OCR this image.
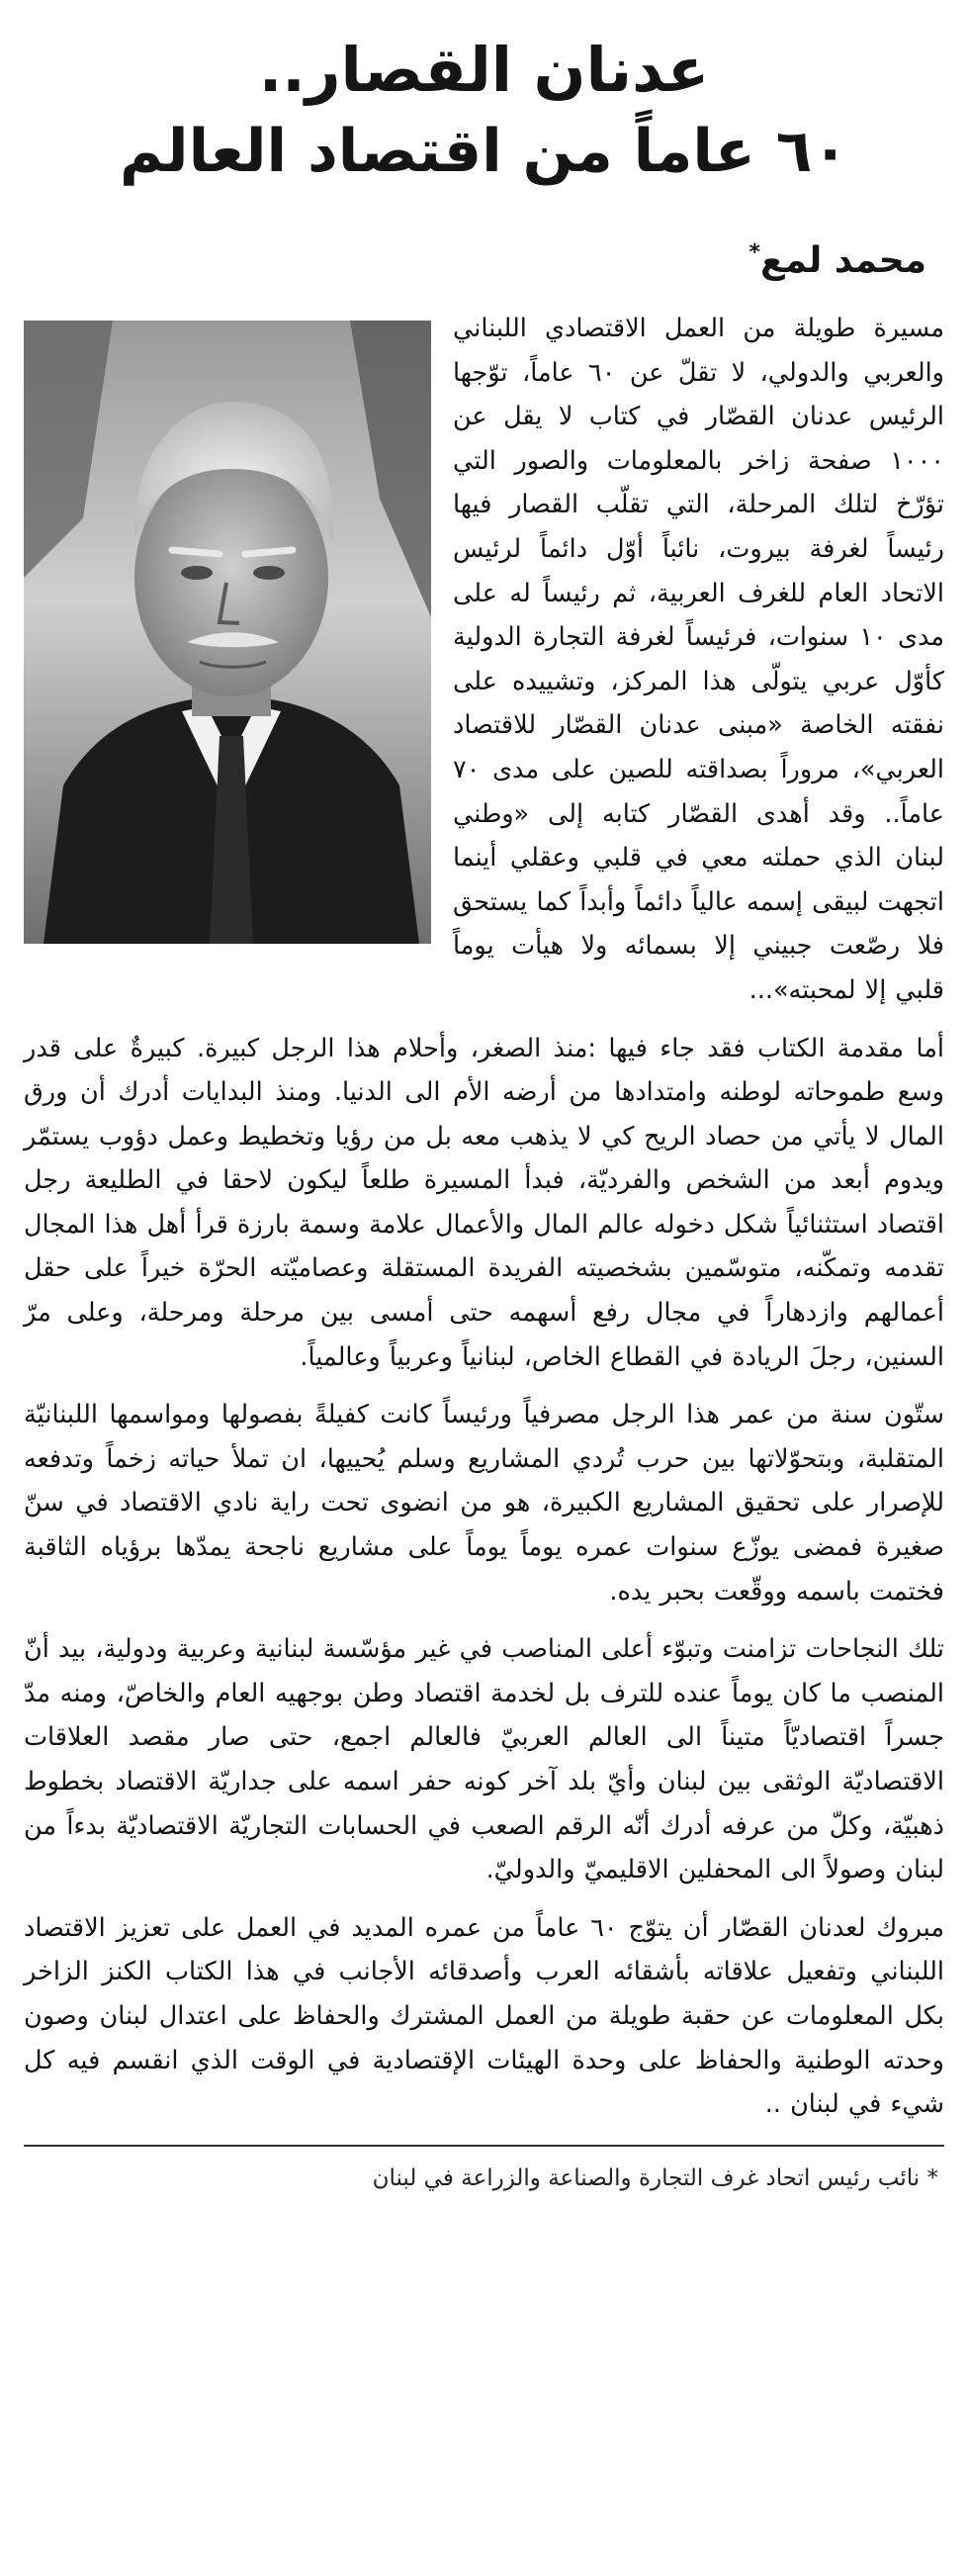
عدنان القصار..
٦٠ عاماً من اقتصاد العالم
محمد لمع*

مسيرة طويلة من العمل الاقتصادي اللبناني والعربي والدولي، لا تقلّ عن ٦٠ عاماً، توّجها الرئيس عدنان القصّار في كتاب لا يقل عن ١٠٠٠ صفحة زاخر بالمعلومات والصور التي تؤرّخ لتلك المرحلة، التي تقلّب القصار فيها رئيساً لغرفة بيروت، نائباً أوّل دائماً لرئيس الاتحاد العام للغرف العربية، ثم رئيساً له على مدى ١٠ سنوات، فرئيساً لغرفة التجارة الدولية كأوّل عربي يتولّى هذا المركز، وتشييده على نفقته الخاصة «مبنى عدنان القصّار للاقتصاد العربي»، مروراً بصداقته للصين على مدى ٧٠ عاماً.. وقد أهدى القصّار كتابه إلى «وطني لبنان الذي حملته معي في قلبي وعقلي أينما اتجهت لبيقى إسمه عالياً دائماً وأبداً كما يستحق فلا رصّعت جبيني إلا بسمائه ولا هيأت يوماً قلبي إلا لمحبته»...

أما مقدمة الكتاب فقد جاء فيها :منذ الصغر، وأحلام هذا الرجل كبيرة. كبيرةٌ على قدر وسع طموحاته لوطنه وامتدادها من أرضه الأم الى الدنيا. ومنذ البدايات أدرك أن ورق المال لا يأتي من حصاد الريح كي لا يذهب معه بل من رؤيا وتخطيط وعمل دؤوب يستمّر ويدوم أبعد من الشخص والفرديّة، فبدأ المسيرة طلعاً ليكون لاحقا في الطليعة رجل اقتصاد استثنائياً شكل دخوله عالم المال والأعمال علامة وسمة بارزة قرأ أهل هذا المجال تقدمه وتمكّنه، متوسّمين بشخصيته الفريدة المستقلة وعصاميّته الحرّة خيراً على حقل أعمالهم وازدهاراً في مجال رفع أسهمه حتى أمسى بين مرحلة ومرحلة، وعلى مرّ السنين، رجلَ الريادة في القطاع الخاص، لبنانياً وعربياً وعالمياً.

ستّون سنة من عمر هذا الرجل مصرفياً ورئيساً كانت كفيلةً بفصولها ومواسمها اللبنانيّة المتقلبة، وبتحوّلاتها بين حرب تُردي المشاريع وسلم يُحييها، ان تملأ حياته زخماً وتدفعه للإصرار على تحقيق المشاريع الكبيرة، هو من انضوى تحت راية نادي الاقتصاد في سنّ صغيرة فمضى يوزّع سنوات عمره يوماً يوماً على مشاريع ناجحة يمدّها برؤياه الثاقبة فختمت باسمه ووقّعت بحبر يده.

تلك النجاحات تزامنت وتبوّء أعلى المناصب في غير مؤسّسة لبنانية وعربية ودولية، بيد أنّ المنصب ما كان يوماً عنده للترف بل لخدمة اقتصاد وطن بوجهيه العام والخاصّ، ومنه مدّ جسراً اقتصاديّاً متيناً الى العالم العربيّ فالعالم اجمع، حتى صار مقصد العلاقات الاقتصاديّة الوثقى بين لبنان وأيّ بلد آخر كونه حفر اسمه على جداريّة الاقتصاد بخطوط ذهبيّة، وكلّ من عرفه أدرك أنّه الرقم الصعب في الحسابات التجاريّة الاقتصاديّة بدءاً من لبنان وصولاً الى المحفلين الاقليميّ والدوليّ.

مبروك لعدنان القصّار أن يتوّج ٦٠ عاماً من عمره المديد في العمل على تعزيز الاقتصاد اللبناني وتفعيل علاقاته بأشقائه العرب وأصدقائه الأجانب في هذا الكتاب الكنز الزاخر بكل المعلومات عن حقبة طويلة من العمل المشترك والحفاظ على اعتدال لبنان وصون وحدته الوطنية والحفاظ على وحدة الهيئات الإقتصادية في الوقت الذي انقسم فيه كل شيء في لبنان ..

* نائب رئيس اتحاد غرف التجارة والصناعة والزراعة في لبنان
